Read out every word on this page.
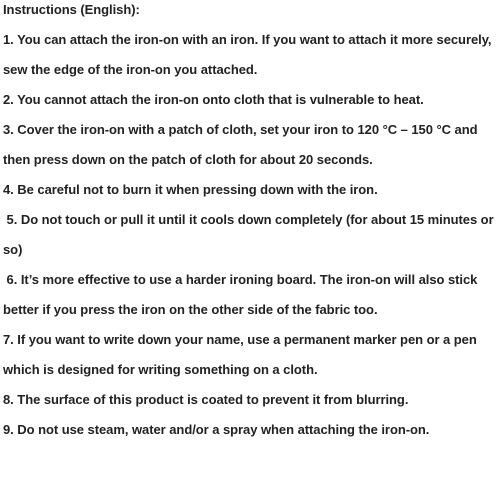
Instructions (English):
1. You can attach the iron-on with an iron. If you want to attach it more securely,
sew the edge of the iron-on you attached.
2. You cannot attach the iron-on onto cloth that is vulnerable to heat.
3. Cover the iron-on with a patch of cloth, set your iron to 120 °C – 150 °C and
then press down on the patch of cloth for about 20 seconds.
4. Be careful not to burn it when pressing down with the iron.
5. Do not touch or pull it until it cools down completely (for about 15 minutes or
so)
6. It’s more effective to use a harder ironing board. The iron-on will also stick
better if you press the iron on the other side of the fabric too.
7. If you want to write down your name, use a permanent marker pen or a pen
which is designed for writing something on a cloth.
8. The surface of this product is coated to prevent it from blurring.
9. Do not use steam, water and/or a spray when attaching the iron-on.
